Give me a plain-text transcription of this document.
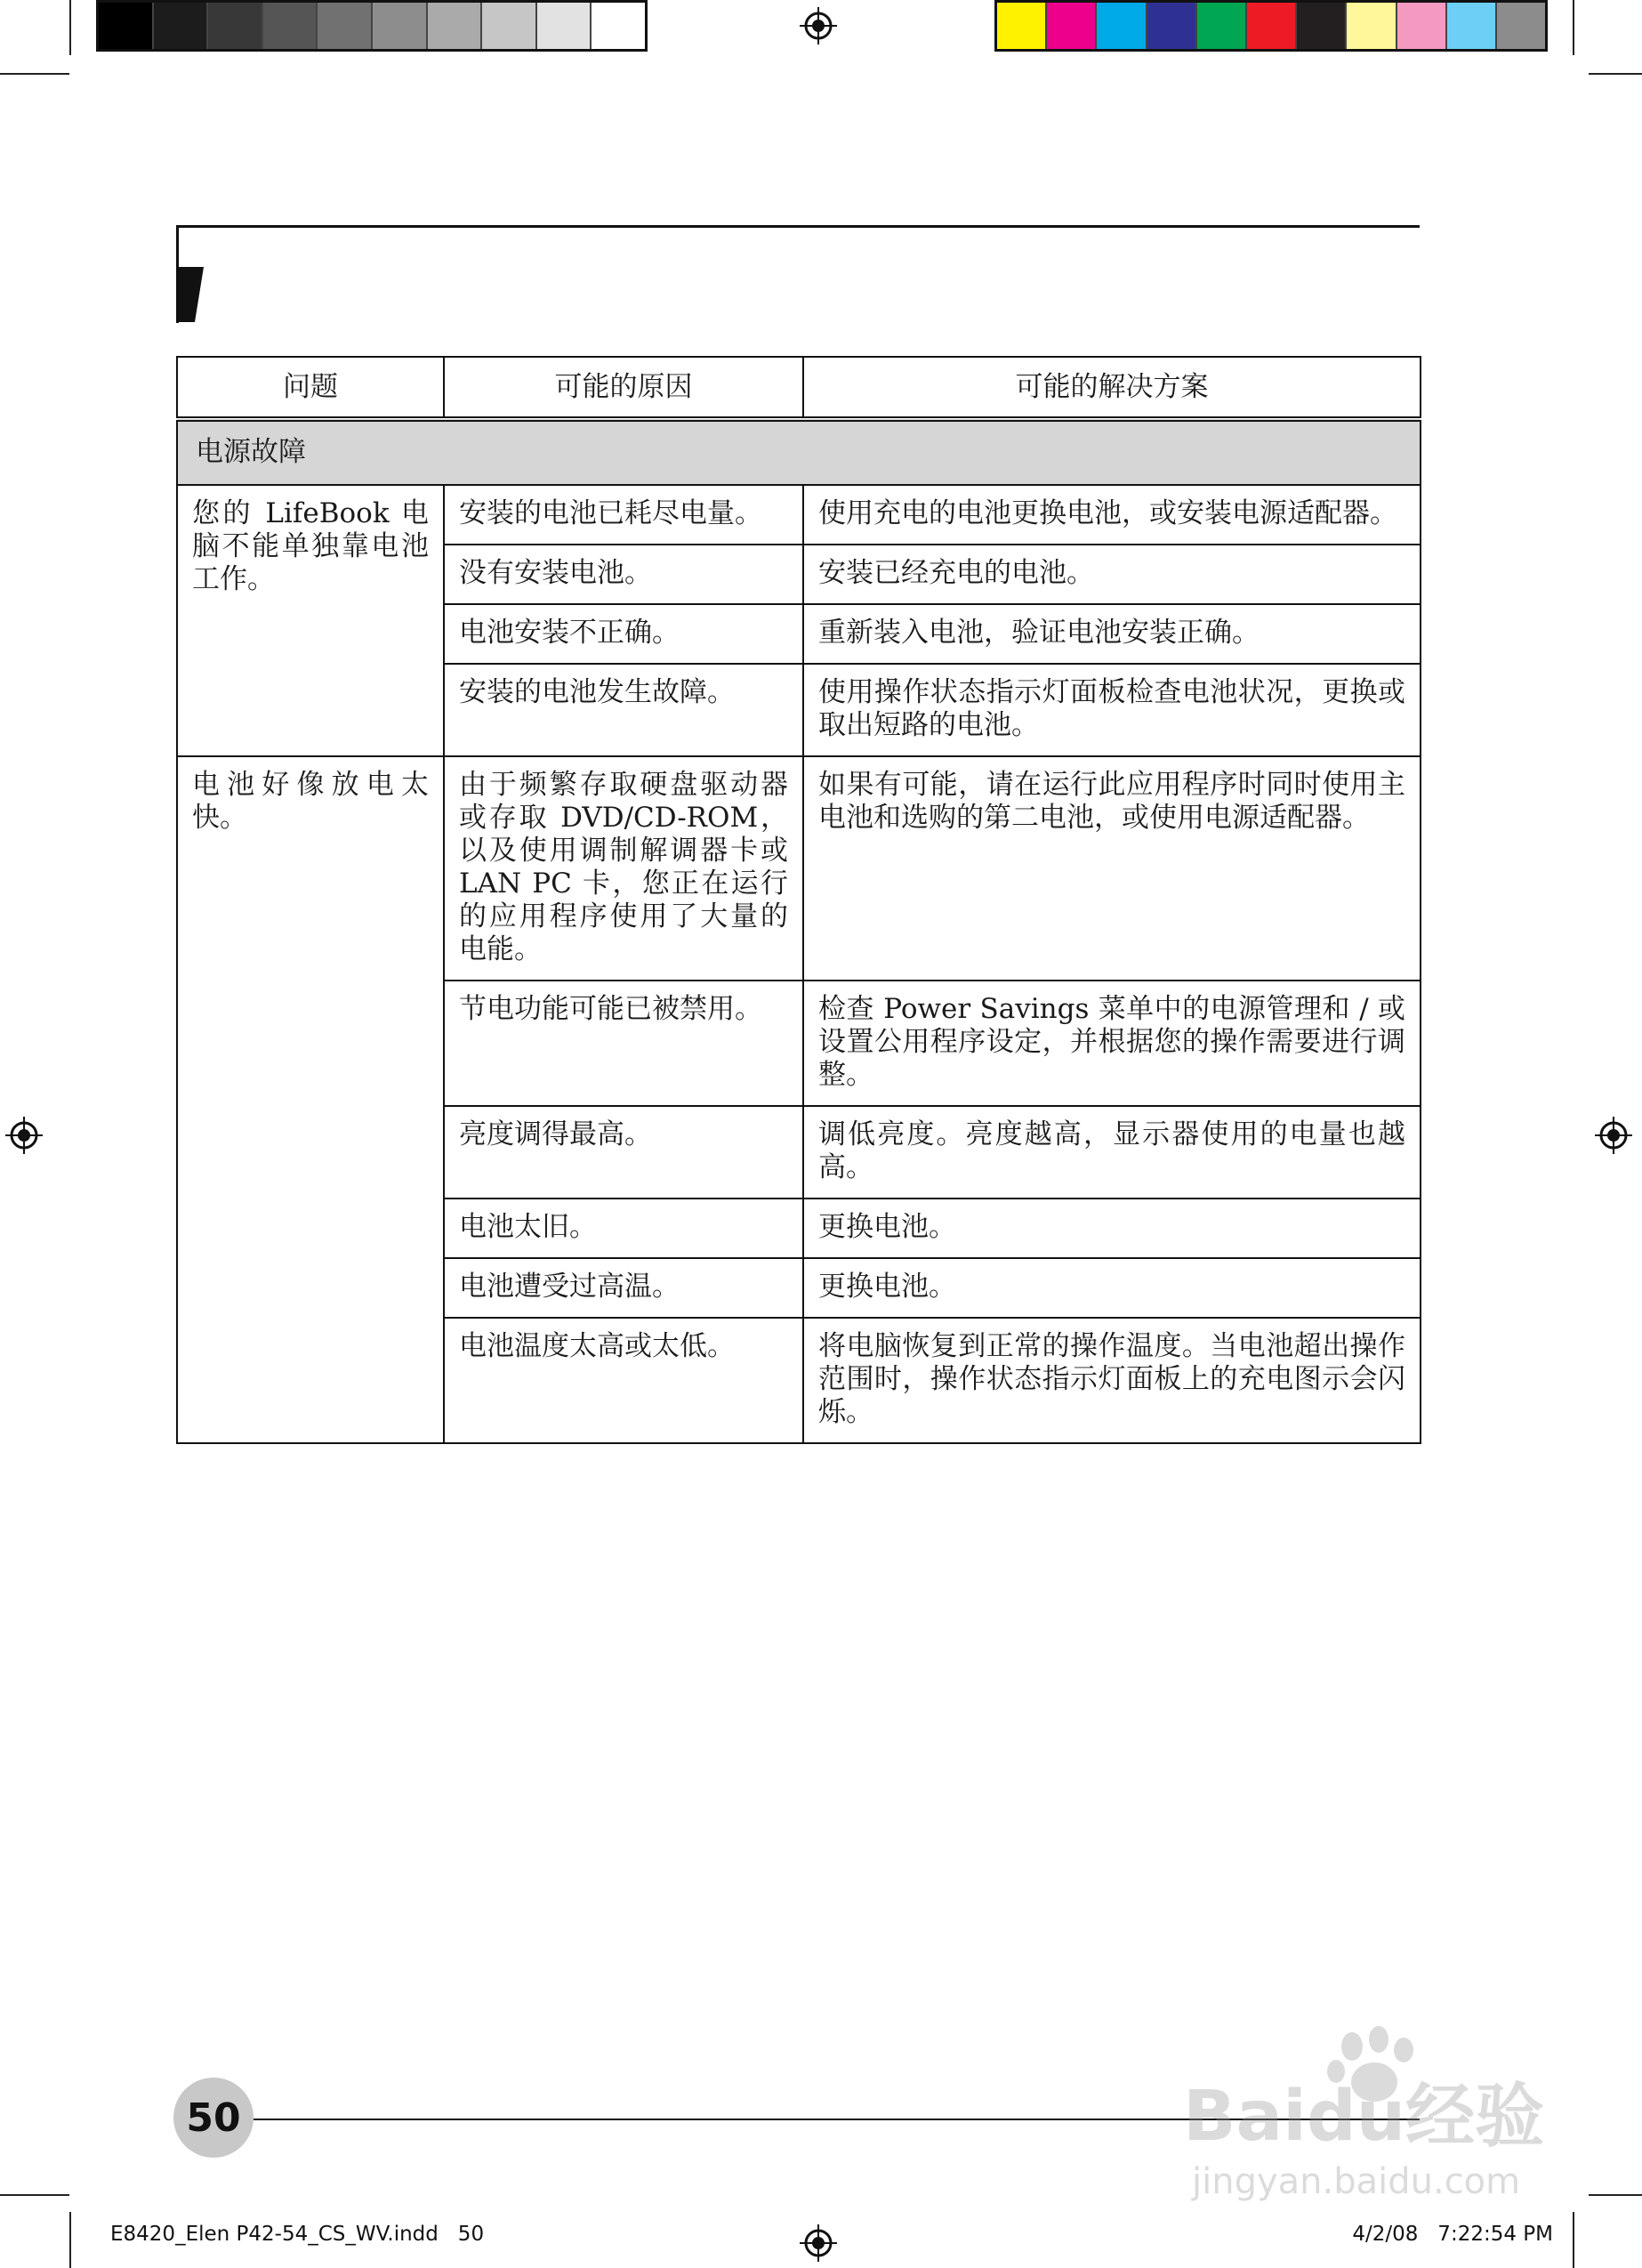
问题	可能的原因	可能的解决方案
电源故障		
您的 LifeBook 电脑不能单独靠电池工作。	安装的电池已耗尽电量。	使用充电的电池更换电池，或安装电源适配器。
	没有安装电池。	安装已经充电的电池。
	电池安装不正确。	重新装入电池，验证电池安装正确。
	安装的电池发生故障。	使用操作状态指示灯面板检查电池状况，更换或取出短路的电池。
电池好像放电太快。	由于频繁存取硬盘驱动器或存取 DVD/CD-ROM，以及使用调制解调器卡或 LAN PC 卡，您正在运行的应用程序使用了大量的电能。	如果有可能，请在运行此应用程序时同时使用主电池和选购的第二电池，或使用电源适配器。
	节电功能可能已被禁用。	检查 Power Savings 菜单中的电源管理和 / 或设置公用程序设定，并根据您的操作需要进行调整。
	亮度调得最高。	调低亮度。亮度越高，显示器使用的电量也越高。
	电池太旧。	更换电池。
	电池遭受过高温。	更换电池。
	电池温度太高或太低。	将电脑恢复到正常的操作温度。当电池超出操作范围时，操作状态指示灯面板上的充电图示会闪烁。
50
E8420_Elen P42-54_CS_WV.indd   50	4/2/08   7:22:54 PM
Baidu经验
jingyan.baidu.com
